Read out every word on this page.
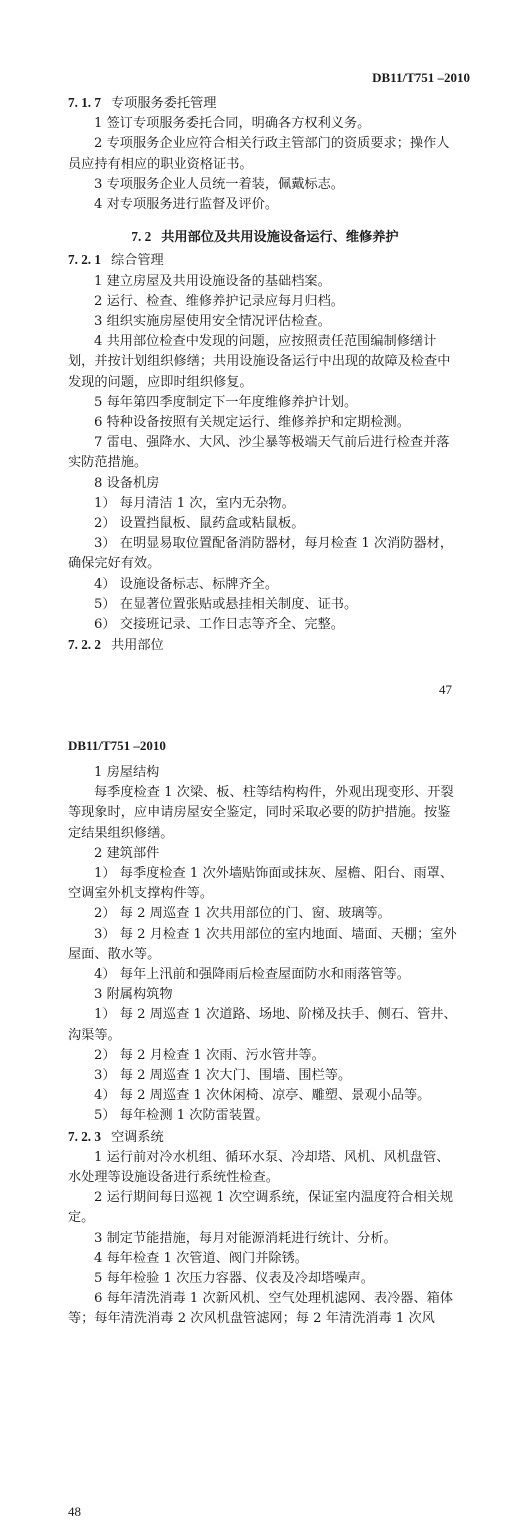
DB11/T751 –2010

7. 1. 7 专项服务委托管理

1 签订专项服务委托合同，明确各方权利义务。

2 专项服务企业应符合相关行政主管部门的资质要求；操作人员应持有相应的职业资格证书。

3 专项服务企业人员统一着装，佩戴标志。

4 对专项服务进行监督及评价。

7. 2 共用部位及共用设施设备运行、维修养护

7. 2. 1 综合管理

1 建立房屋及共用设施设备的基础档案。

2 运行、检查、维修养护记录应每月归档。

3 组织实施房屋使用安全情况评估检查。

4 共用部位检查中发现的问题，应按照责任范围编制修缮计划，并按计划组织修缮；共用设施设备运行中出现的故障及检查中发现的问题，应即时组织修复。

5 每年第四季度制定下一年度维修养护计划。

6 特种设备按照有关规定运行、维修养护和定期检测。

7 雷电、强降水、大风、沙尘暴等极端天气前后进行检查并落实防范措施。

8 设备机房

1） 每月清洁 1 次，室内无杂物。

2） 设置挡鼠板、鼠药盒或粘鼠板。

3） 在明显易取位置配备消防器材，每月检查 1 次消防器材，确保完好有效。

4） 设施设备标志、标牌齐全。

5） 在显著位置张贴或悬挂相关制度、证书。

6） 交接班记录、工作日志等齐全、完整。

7. 2. 2 共用部位

47
DB11/T751 –2010

1 房屋结构

每季度检查 1 次梁、板、柱等结构构件，外观出现变形、开裂等现象时，应申请房屋安全鉴定，同时采取必要的防护措施。按鉴定结果组织修缮。

2 建筑部件

1） 每季度检查 1 次外墙贴饰面或抹灰、屋檐、阳台、雨罩、空调室外机支撑构件等。

2） 每 2 周巡查 1 次共用部位的门、窗、玻璃等。

3） 每 2 月检查 1 次共用部位的室内地面、墙面、天棚；室外屋面、散水等。

4） 每年上汛前和强降雨后检查屋面防水和雨落管等。

3 附属构筑物

1） 每 2 周巡查 1 次道路、场地、阶梯及扶手、侧石、管井、沟渠等。

2） 每 2 月检查 1 次雨、污水管井等。

3） 每 2 周巡查 1 次大门、围墙、围栏等。

4） 每 2 周巡查 1 次休闲椅、凉亭、雕塑、景观小品等。

5） 每年检测 1 次防雷装置。

7. 2. 3 空调系统

1 运行前对冷水机组、循环水泵、冷却塔、风机、风机盘管、水处理等设施设备进行系统性检查。

2 运行期间每日巡视 1 次空调系统，保证室内温度符合相关规定。

3 制定节能措施，每月对能源消耗进行统计、分析。

4 每年检查 1 次管道、阀门并除锈。

5 每年检验 1 次压力容器、仪表及冷却塔噪声。

6 每年清洗消毒 1 次新风机、空气处理机滤网、表冷器、箱体等；每年清洗消毒 2 次风机盘管滤网；每 2 年清洗消毒 1 次风

48
